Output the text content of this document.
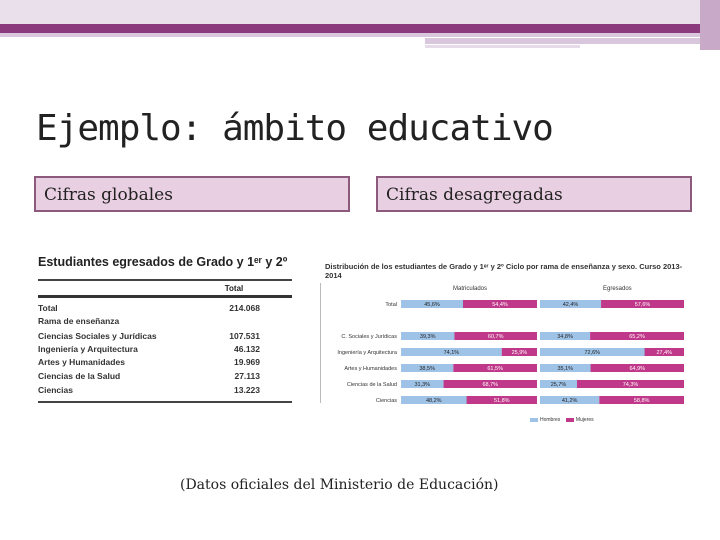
Ejemplo: ámbito educativo
Cifras globales	Cifras desagregadas
Estudiantes egresados de Grado y 1ᵉʳ y 2º
Total
Total	214.068
Rama de enseñanza
Ciencias Sociales y Jurídicas	107.531
Ingeniería y Arquitectura	46.132
Artes y Humanidades	19.969
Ciencias de la Salud	27.113
Ciencias	13.223
Distribución de los estudiantes de Grado y 1ᵉʳ y 2º Ciclo por rama de enseñanza y sexo. Curso 2013-2014
Matriculados	Egresados
Total	45,6%	54,4%	42,4%	57,6%
C. Sociales y Jurídicas	39,3%	60,7%	34,8%	65,2%
Ingeniería y Arquitectura	74,1%	25,9%	72,6%	27,4%
Artes y Humanidades	38,5%	61,5%	35,1%	64,9%
Ciencias de la Salud	31,3%	68,7%	25,7%	74,3%
Ciencias	48,2%	51,8%	41,2%	58,8%
Hombres	Mujeres
(Datos oficiales del Ministerio de Educación)
